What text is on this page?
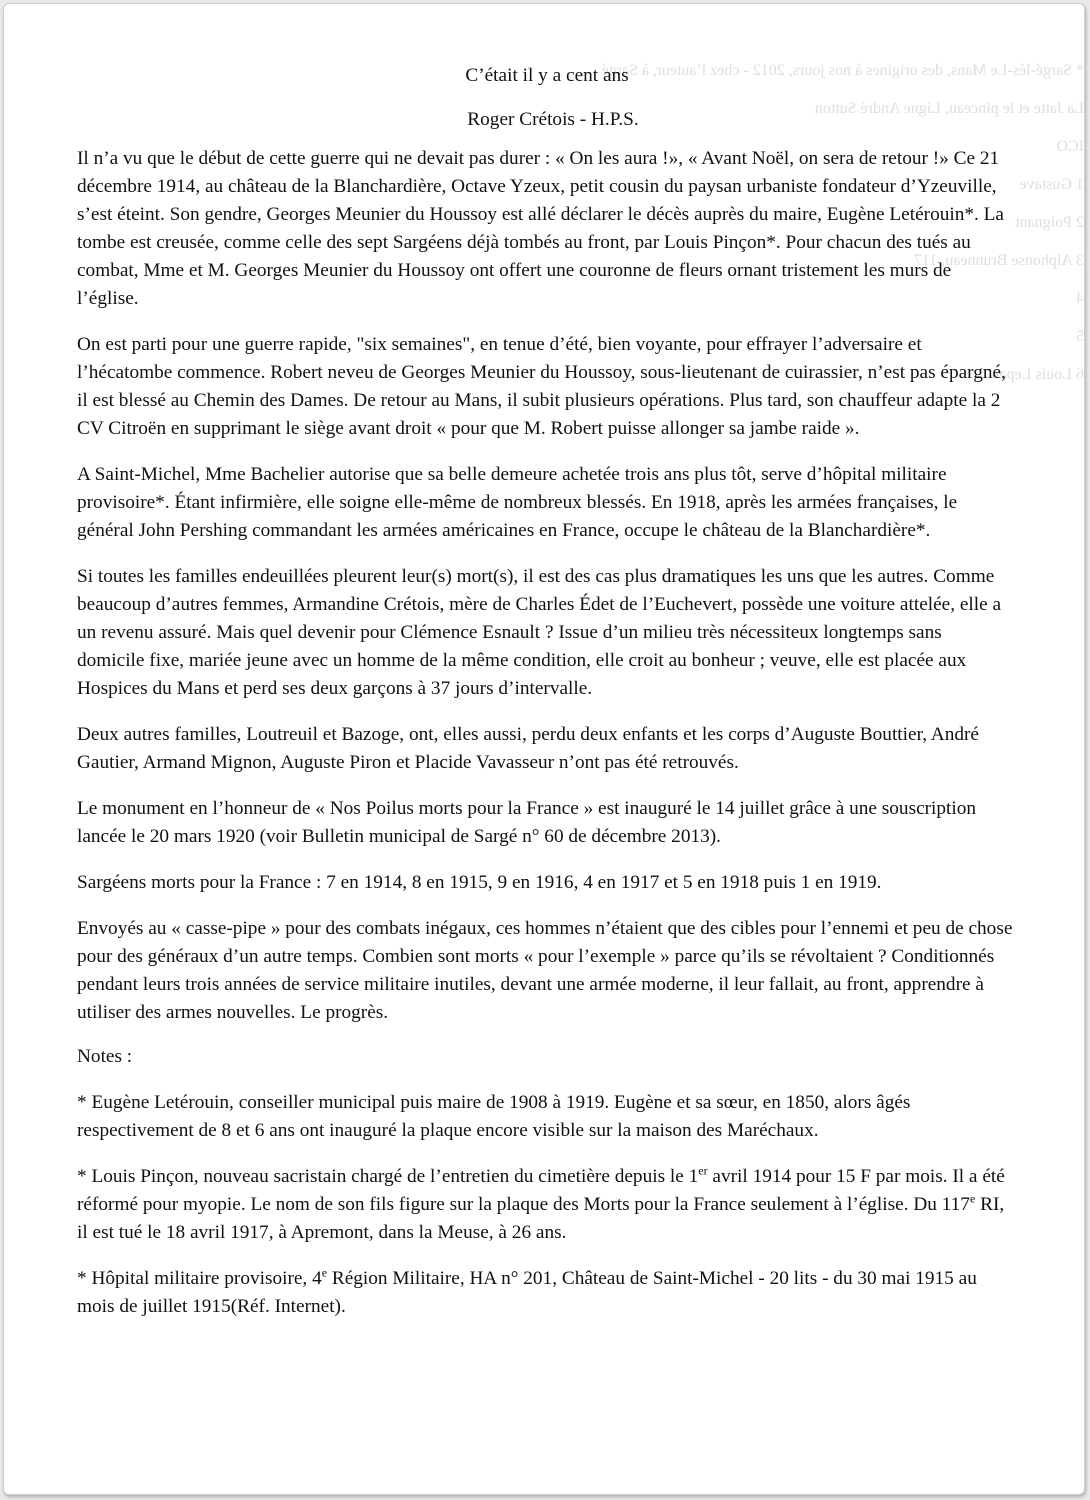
* Sargé-lès-Le Mans, des origines à nos jours, 2012 - chez l’auteur, à Sargé
La Jatte et le pinceau, Ligne André Sutton
ICO
1 Gustave
2 Poignant
3 Alphonse Brunneau, 117
4
5
6 Louis Lepan
C’était il y a cent ans
Roger Crétois - H.P.S.

Il n’a vu que le début de cette guerre qui ne devait pas durer : « On les aura !», « Avant Noël, on sera de retour !» Ce 21 décembre 1914, au château de la Blanchardière, Octave Yzeux, petit cousin du paysan urbaniste fondateur d’Yzeuville, s’est éteint. Son gendre, Georges Meunier du Houssoy est allé déclarer le décès auprès du maire, Eugène Letérouin*. La tombe est creusée, comme celle des sept Sargéens déjà tombés au front, par Louis Pinçon*. Pour chacun des tués au combat, Mme et M. Georges Meunier du Houssoy ont offert une couronne de fleurs ornant tristement les murs de l’église.

On est parti pour une guerre rapide, "six semaines", en tenue d’été, bien voyante, pour effrayer l’adversaire et l’hécatombe commence. Robert neveu de Georges Meunier du Houssoy, sous-lieutenant de cuirassier, n’est pas épargné, il est blessé au Chemin des Dames. De retour au Mans, il subit plusieurs opérations. Plus tard, son chauffeur adapte la 2 CV Citroën en supprimant le siège avant droit « pour que M. Robert puisse allonger sa jambe raide ».

A Saint-Michel, Mme Bachelier autorise que sa belle demeure achetée trois ans plus tôt, serve d’hôpital militaire provisoire*. Étant infirmière, elle soigne elle-même de nombreux blessés. En 1918, après les armées françaises, le général John Pershing commandant les armées américaines en France, occupe le château de la Blanchardière*.

Si toutes les familles endeuillées pleurent leur(s) mort(s), il est des cas plus dramatiques les uns que les autres. Comme beaucoup d’autres femmes, Armandine Crétois, mère de Charles Édet de l’Euchevert, possède une voiture attelée, elle a un revenu assuré. Mais quel devenir pour Clémence Esnault ? Issue d’un milieu très nécessiteux longtemps sans domicile fixe, mariée jeune avec un homme de la même condition, elle croit au bonheur ; veuve, elle est placée aux Hospices du Mans et perd ses deux garçons à 37 jours d’intervalle.

Deux autres familles, Loutreuil et Bazoge, ont, elles aussi, perdu deux enfants et les corps d’Auguste Bouttier, André Gautier, Armand Mignon, Auguste Piron et Placide Vavasseur n’ont pas été retrouvés.

Le monument en l’honneur de « Nos Poilus morts pour la France » est inauguré le 14 juillet grâce à une souscription lancée le 20 mars 1920 (voir Bulletin municipal de Sargé n° 60 de décembre 2013).

Sargéens morts pour la France : 7 en 1914, 8 en 1915, 9 en 1916, 4 en 1917 et 5 en 1918 puis 1 en 1919.

Envoyés au « casse-pipe » pour des combats inégaux, ces hommes n’étaient que des cibles pour l’ennemi et peu de chose pour des généraux d’un autre temps. Combien sont morts « pour l’exemple » parce qu’ils se révoltaient ? Conditionnés pendant leurs trois années de service militaire inutiles, devant une armée moderne, il leur fallait, au front, apprendre à utiliser des armes nouvelles. Le progrès.

Notes :

* Eugène Letérouin, conseiller municipal puis maire de 1908 à 1919. Eugène et sa sœur, en 1850, alors âgés respectivement de 8 et 6 ans ont inauguré la plaque encore visible sur la maison des Maréchaux.

* Louis Pinçon, nouveau sacristain chargé de l’entretien du cimetière depuis le 1er avril 1914 pour 15 F par mois. Il a été réformé pour myopie. Le nom de son fils figure sur la plaque des Morts pour la France seulement à l’église. Du 117e RI, il est tué le 18 avril 1917, à Apremont, dans la Meuse, à 26 ans.

* Hôpital militaire provisoire, 4e Région Militaire, HA n° 201, Château de Saint-Michel - 20 lits - du 30 mai 1915 au mois de juillet 1915(Réf. Internet).
